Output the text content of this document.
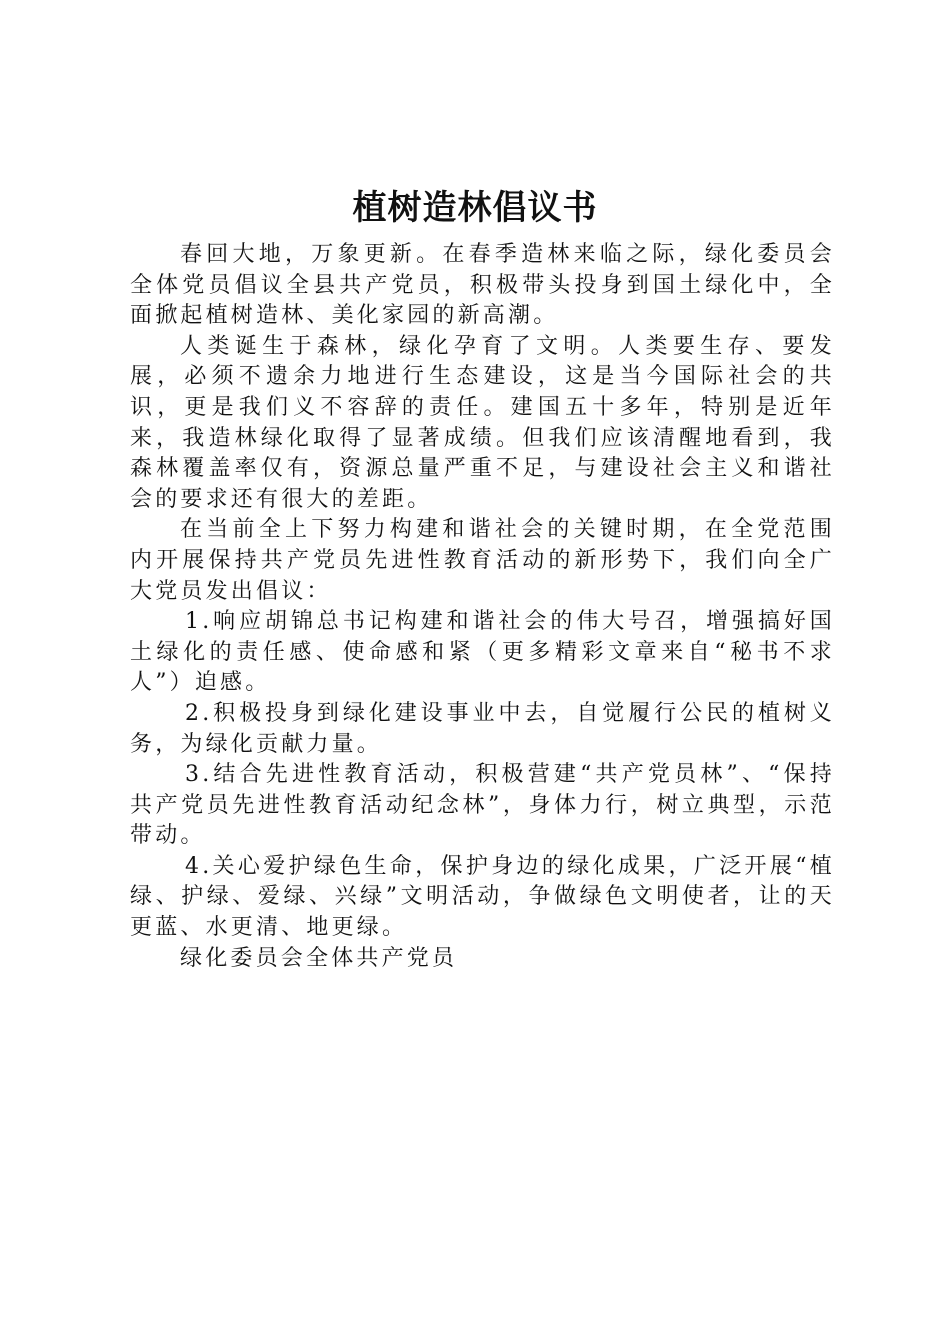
植树造林倡议书

春回大地，万象更新。在春季造林来临之际，绿化委员会全体党员倡议全县共产党员，积极带头投身到国土绿化中，全面掀起植树造林、美化家园的新高潮。

人类诞生于森林，绿化孕育了文明。人类要生存、要发展，必须不遗余力地进行生态建设，这是当今国际社会的共识，更是我们义不容辞的责任。建国五十多年，特别是近年来，我造林绿化取得了显著成绩。但我们应该清醒地看到，我森林覆盖率仅有，资源总量严重不足，与建设社会主义和谐社会的要求还有很大的差距。

在当前全上下努力构建和谐社会的关键时期，在全党范围内开展保持共产党员先进性教育活动的新形势下，我们向全广大党员发出倡议：

1.响应胡锦总书记构建和谐社会的伟大号召，增强搞好国土绿化的责任感、使命感和紧（更多精彩文章来自“秘书不求人”）迫感。

2.积极投身到绿化建设事业中去，自觉履行公民的植树义务，为绿化贡献力量。

3.结合先进性教育活动，积极营建“共产党员林”、“保持共产党员先进性教育活动纪念林”，身体力行，树立典型，示范带动。

4.关心爱护绿色生命，保护身边的绿化成果，广泛开展“植绿、护绿、爱绿、兴绿”文明活动，争做绿色文明使者，让的天更蓝、水更清、地更绿。

绿化委员会全体共产党员
